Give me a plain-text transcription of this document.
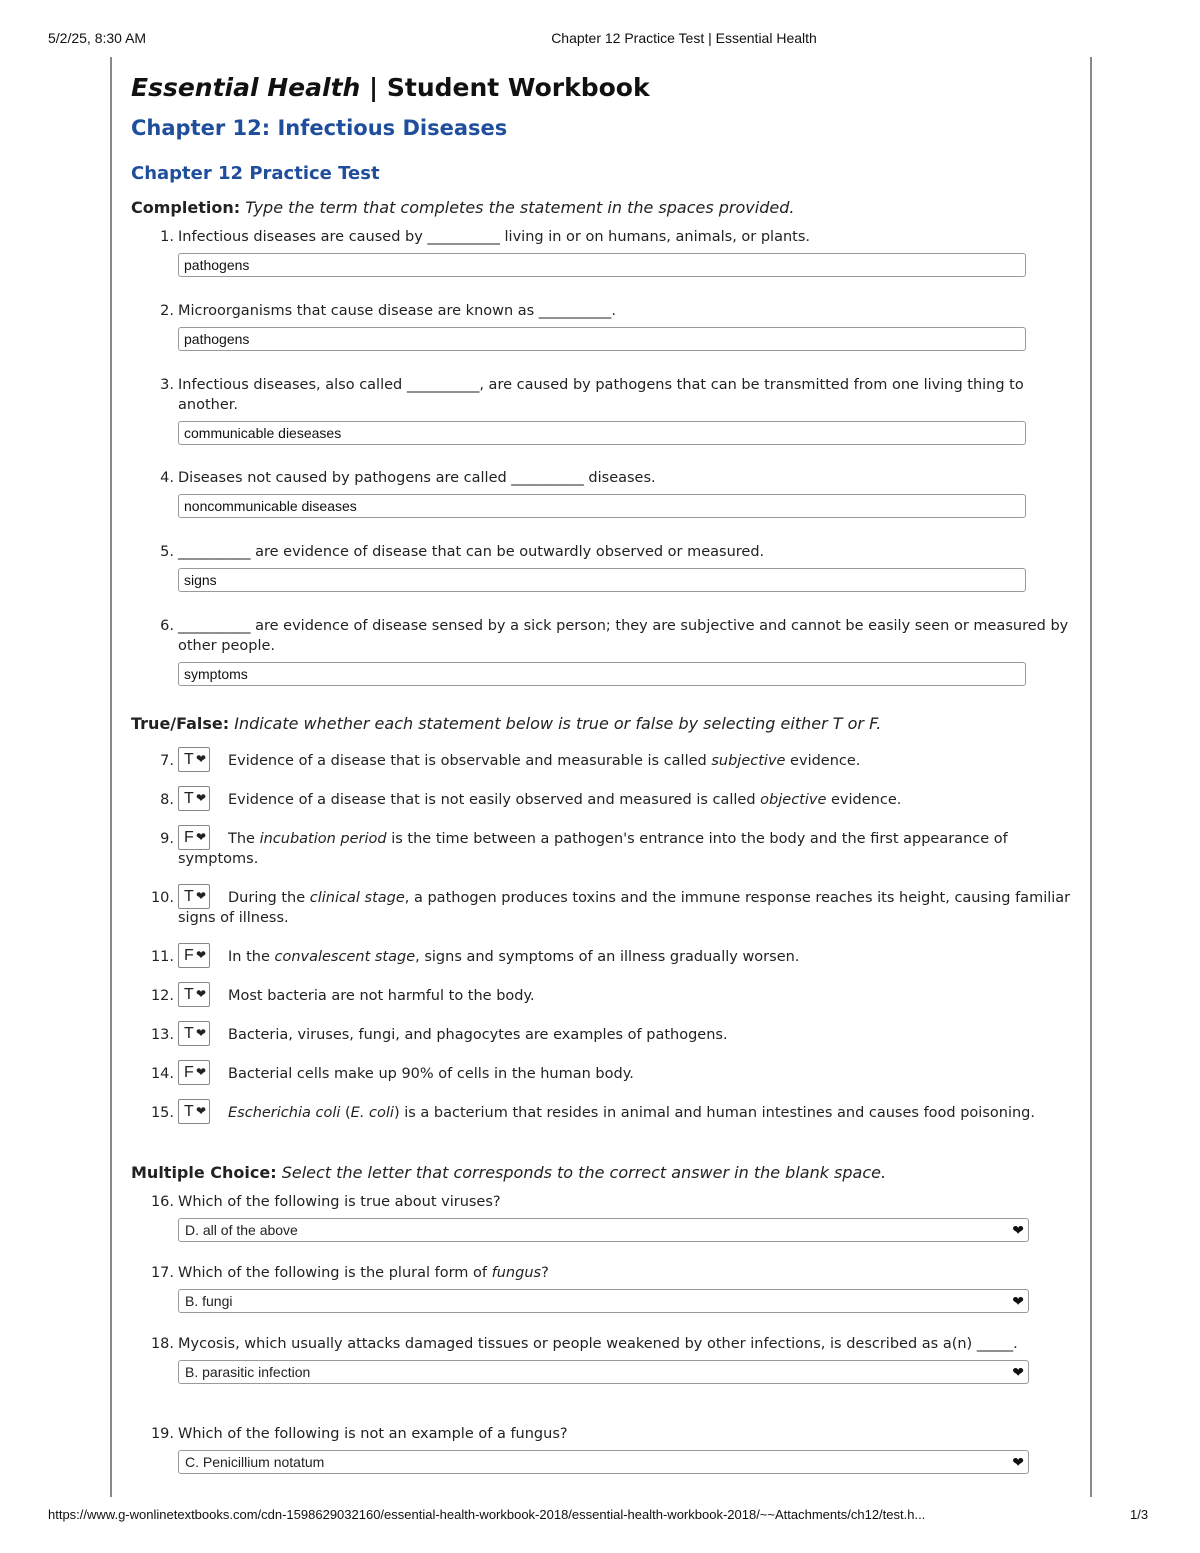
5/2/25, 8:30 AM	Chapter 12 Practice Test | Essential Health
Essential Health | Student Workbook
Chapter 12: Infectious Diseases
Chapter 12 Practice Test
Completion: Type the term that completes the statement in the spaces provided.
1. Infectious diseases are caused by __________ living in or on humans, animals, or plants.
pathogens
2. Microorganisms that cause disease are known as __________.
pathogens
3. Infectious diseases, also called __________, are caused by pathogens that can be transmitted from one living thing to another.
communicable dieseases
4. Diseases not caused by pathogens are called __________ diseases.
noncommunicable diseases
5. __________ are evidence of disease that can be outwardly observed or measured.
signs
6. __________ are evidence of disease sensed by a sick person; they are subjective and cannot be easily seen or measured by other people.
symptoms
True/False: Indicate whether each statement below is true or false by selecting either T or F.
7. T ❤	Evidence of a disease that is observable and measurable is called subjective evidence.
8. T ❤	Evidence of a disease that is not easily observed and measured is called objective evidence.
9. F ❤	The incubation period is the time between a pathogen's entrance into the body and the first appearance of symptoms.
10. T ❤	During the clinical stage, a pathogen produces toxins and the immune response reaches its height, causing familiar signs of illness.
11. F ❤	In the convalescent stage, signs and symptoms of an illness gradually worsen.
12. T ❤	Most bacteria are not harmful to the body.
13. T ❤	Bacteria, viruses, fungi, and phagocytes are examples of pathogens.
14. F ❤	Bacterial cells make up 90% of cells in the human body.
15. T ❤	Escherichia coli (E. coli) is a bacterium that resides in animal and human intestines and causes food poisoning.
Multiple Choice: Select the letter that corresponds to the correct answer in the blank space.
16. Which of the following is true about viruses?
D. all of the above	❤
17. Which of the following is the plural form of fungus?
B. fungi	❤
18. Mycosis, which usually attacks damaged tissues or people weakened by other infections, is described as a(n) _____.
B. parasitic infection	❤
19. Which of the following is not an example of a fungus?
C. Penicillium notatum	❤
https://www.g-wonlinetextbooks.com/cdn-1598629032160/essential-health-workbook-2018/essential-health-workbook-2018/~~Attachments/ch12/test.h...	1/3
